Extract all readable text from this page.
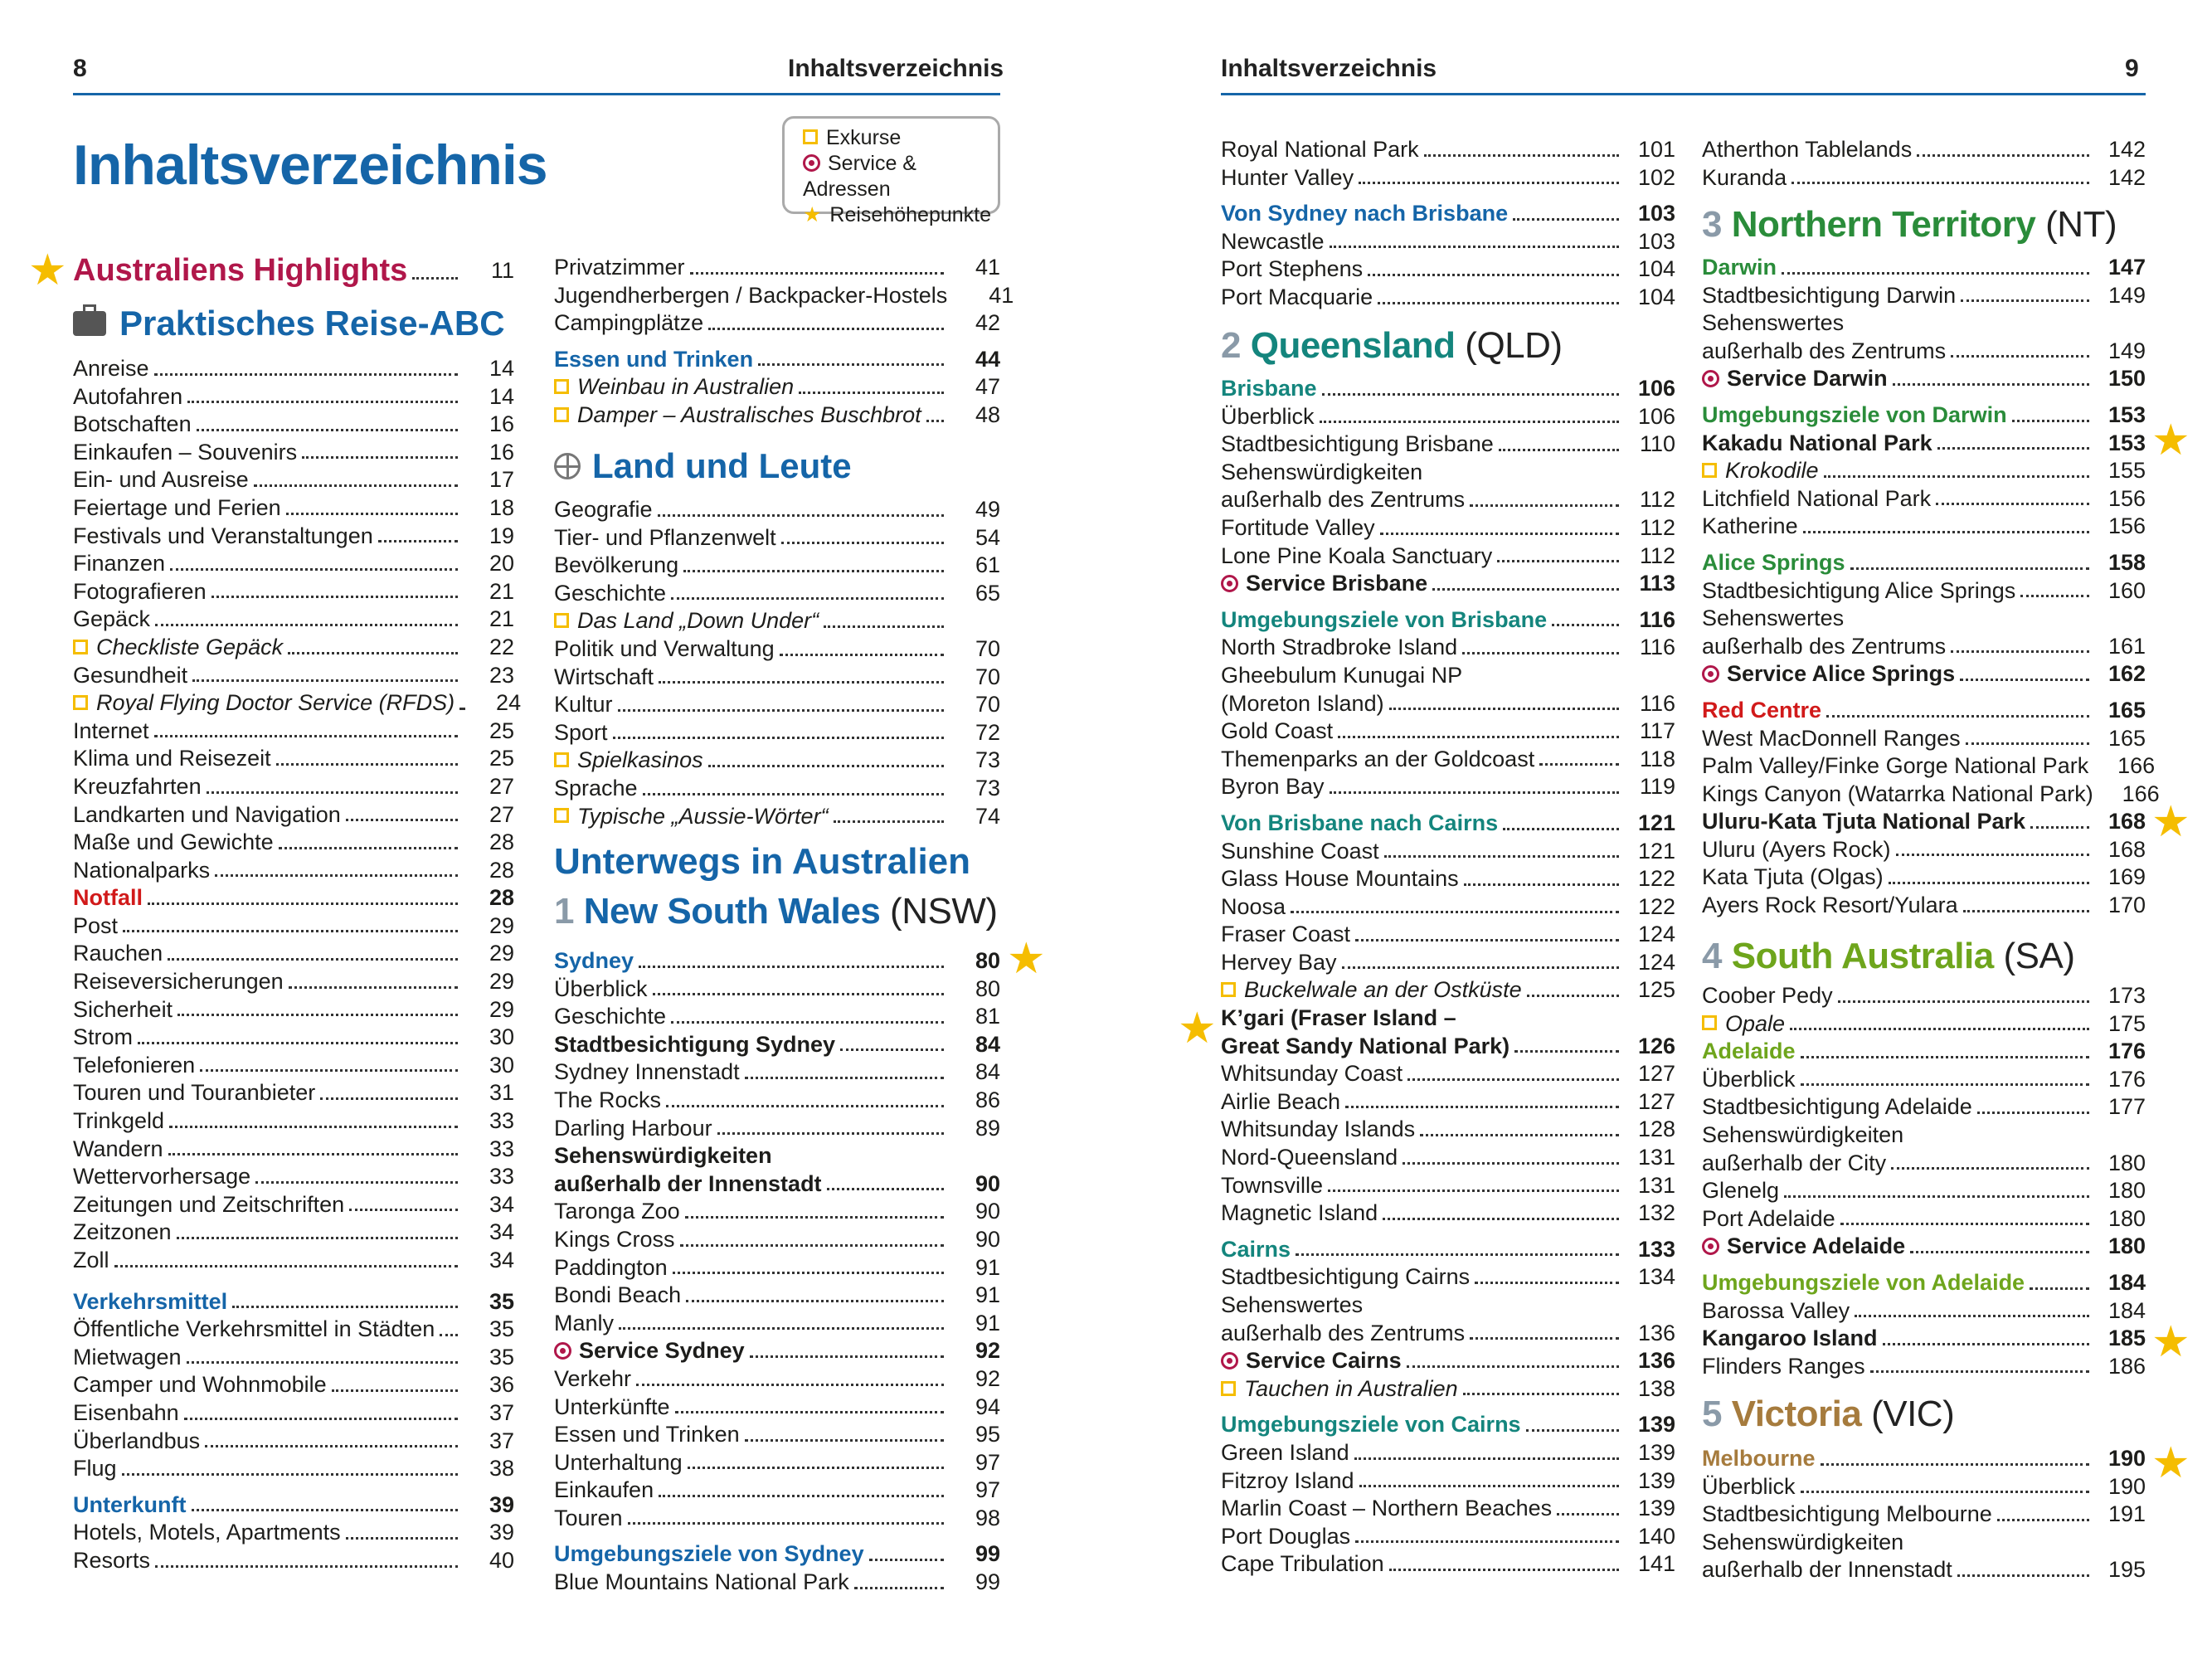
8	Inhaltsverzeichnis	Inhaltsverzeichnis	9
Inhaltsverzeichnis	Exkurse
Service & Adressen
★ Reisehöhepunkte
★ Australiens Highlights	11
Praktisches Reise-ABC
Anreise	14
Autofahren	14
Botschaften	16
Einkaufen – Souvenirs	16
Ein- und Ausreise	17
Feiertage und Ferien	18
Festivals und Veranstaltungen	19
Finanzen	20
Fotografieren	21
Gepäck	21
Checkliste Gepäck	22
Gesundheit	23
Royal Flying Doctor Service (RFDS)	24
Internet	25
Klima und Reisezeit	25
Kreuzfahrten	27
Landkarten und Navigation	27
Maße und Gewichte	28
Nationalparks	28
Notfall	28
Post	29
Rauchen	29
Reiseversicherungen	29
Sicherheit	29
Strom	30
Telefonieren	30
Touren und Touranbieter	31
Trinkgeld	33
Wandern	33
Wettervorhersage	33
Zeitungen und Zeitschriften	34
Zeitzonen	34
Zoll	34
Verkehrsmittel	35
Öffentliche Verkehrsmittel in Städten	35
Mietwagen	35
Camper und Wohnmobile	36
Eisenbahn	37
Überlandbus	37
Flug	38
Unterkunft	39
Hotels, Motels, Apartments	39
Resorts	40
Privatzimmer	41
Jugendherbergen / Backpacker-Hostels	41
Campingplätze	42
Essen und Trinken	44
Weinbau in Australien	47
Damper – Australisches Buschbrot	48
Land und Leute
Geografie	49
Tier- und Pflanzenwelt	54
Bevölkerung	61
Geschichte	65
Das Land „Down Under“
Politik und Verwaltung	70
Wirtschaft	70
Kultur	70
Sport	72
Spielkasinos	73
Sprache	73
Typische „Aussie-Wörter“	74
Unterwegs in Australien
1 New South Wales (NSW)
Sydney	80
Überblick	80
Geschichte	81
Stadtbesichtigung Sydney	84
Sydney Innenstadt	84
The Rocks	86
Darling Harbour	89
Sehenswürdigkeiten
außerhalb der Innenstadt	90
Taronga Zoo	90
Kings Cross	90
Paddington	91
Bondi Beach	91
Manly	91
Service Sydney	92
Verkehr	92
Unterkünfte	94
Essen und Trinken	95
Unterhaltung	97
Einkaufen	97
Touren	98
Umgebungsziele von Sydney	99
Blue Mountains National Park	99
★
Royal National Park	101
Hunter Valley	102
Von Sydney nach Brisbane	103
Newcastle	103
Port Stephens	104
Port Macquarie	104
2 Queensland (QLD)
Brisbane	106
Überblick	106
Stadtbesichtigung Brisbane	110
Sehenswürdigkeiten
außerhalb des Zentrums	112
Fortitude Valley	112
Lone Pine Koala Sanctuary	112
Service Brisbane	113
Umgebungsziele von Brisbane	116
North Stradbroke Island	116
Gheebulum Kunugai NP
(Moreton Island)	116
Gold Coast	117
Themenparks an der Goldcoast	118
Byron Bay	119
Von Brisbane nach Cairns	121
Sunshine Coast	121
Glass House Mountains	122
Noosa	122
Fraser Coast	124
Hervey Bay	124
Buckelwale an der Ostküste	125
K’gari (Fraser Island –
Great Sandy National Park)	126
Whitsunday Coast	127
Airlie Beach	127
Whitsunday Islands	128
Nord-Queensland	131
Townsville	131
Magnetic Island	132
Cairns	133
Stadtbesichtigung Cairns	134
Sehenswertes
außerhalb des Zentrums	136
Service Cairns	136
Tauchen in Australien	138
Umgebungsziele von Cairns	139
Green Island	139
Fitzroy Island	139
Marlin Coast – Northern Beaches	139
Port Douglas	140
Cape Tribulation	141
★
Atherthon Tablelands	142
Kuranda	142
3 Northern Territory (NT)
Darwin	147
Stadtbesichtigung Darwin	149
Sehenswertes
außerhalb des Zentrums	149
Service Darwin	150
Umgebungsziele von Darwin	153
Kakadu National Park	153
Krokodile	155
Litchfield National Park	156
Katherine	156
Alice Springs	158
Stadtbesichtigung Alice Springs	160
Sehenswertes
außerhalb des Zentrums	161
Service Alice Springs	162
Red Centre	165
West MacDonnell Ranges	165
Palm Valley/Finke Gorge National Park	166
Kings Canyon (Watarrka National Park)	166
Uluru-Kata Tjuta National Park	168
Uluru (Ayers Rock)	168
Kata Tjuta (Olgas)	169
Ayers Rock Resort/Yulara	170
★
★
4 South Australia (SA)
Coober Pedy	173
Opale	175
Adelaide	176
Überblick	176
Stadtbesichtigung Adelaide	177
Sehenswürdigkeiten
außerhalb der City	180
Glenelg	180
Port Adelaide	180
Service Adelaide	180
Umgebungsziele von Adelaide	184
Barossa Valley	184
Kangaroo Island	185
Flinders Ranges	186 ★
5 Victoria (VIC)
Melbourne	190
Überblick	190
Stadtbesichtigung Melbourne	191
Sehenswürdigkeiten
außerhalb der Innenstadt	195
★
